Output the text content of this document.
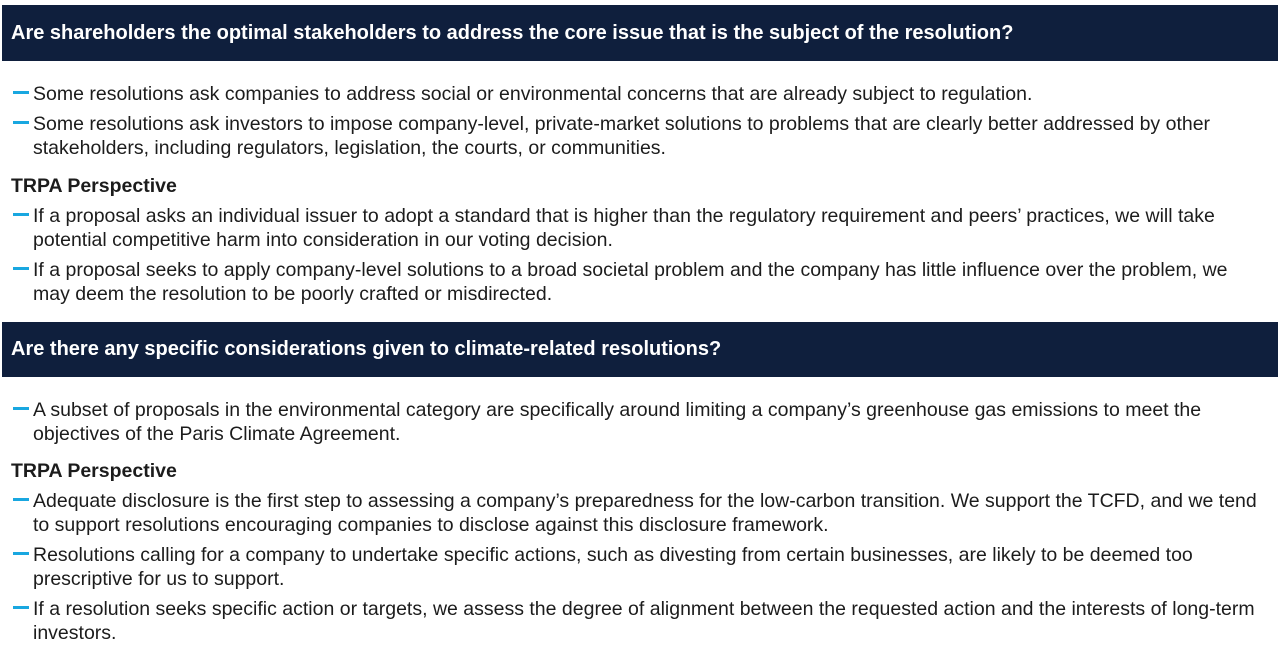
Are shareholders the optimal stakeholders to address the core issue that is the subject of the resolution?

Some resolutions ask companies to address social or environmental concerns that are already subject to regulation.

Some resolutions ask investors to impose company-level, private-market solutions to problems that are clearly better addressed by other stakeholders, including regulators, legislation, the courts, or communities.

TRPA Perspective

If a proposal asks an individual issuer to adopt a standard that is higher than the regulatory requirement and peers’ practices, we will take potential competitive harm into consideration in our voting decision.

If a proposal seeks to apply company-level solutions to a broad societal problem and the company has little influence over the problem, we may deem the resolution to be poorly crafted or misdirected.

Are there any specific considerations given to climate-related resolutions?

A subset of proposals in the environmental category are specifically around limiting a company’s greenhouse gas emissions to meet the objectives of the Paris Climate Agreement.

TRPA Perspective

Adequate disclosure is the first step to assessing a company’s preparedness for the low-carbon transition. We support the TCFD, and we tend to support resolutions encouraging companies to disclose against this disclosure framework.

Resolutions calling for a company to undertake specific actions, such as divesting from certain businesses, are likely to be deemed too prescriptive for us to support.

If a resolution seeks specific action or targets, we assess the degree of alignment between the requested action and the interests of long-term investors.
